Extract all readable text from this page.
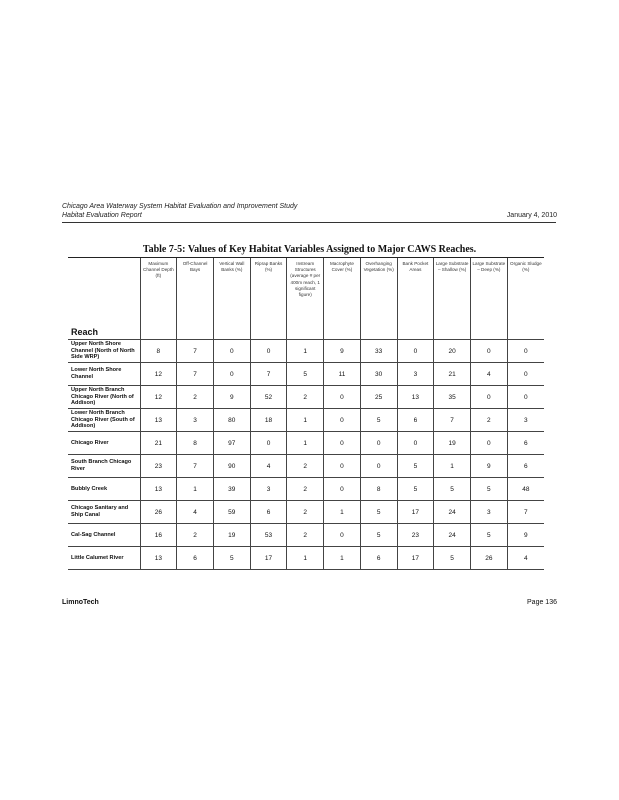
Chicago Area Waterway System Habitat Evaluation and Improvement Study
Habitat Evaluation Report	January 4, 2010
Table 7-5: Values of Key Habitat Variables Assigned to Major CAWS Reaches.
Reach	Maximum Channel Depth (ft)	Off-Channel Bays	Vertical Wall Banks (%)	Riprap Banks (%)	Instream Structures (average # per 400m reach, 1 significant figure)	Macrophyte Cover (%)	Overhanging Vegetation (%)	Bank Pocket Areas	Large Substrate – Shallow (%)	Large Substrate – Deep (%)	Organic Sludge (%)
Upper North Shore Channel (North of North Side WRP)	8	7	0	0	1	9	33	0	20	0	0
Lower North Shore Channel	12	7	0	7	5	11	30	3	21	4	0
Upper North Branch Chicago River (North of Addison)	12	2	9	52	2	0	25	13	35	0	0
Lower North Branch Chicago River (South of Addison)	13	3	80	18	1	0	5	6	7	2	3
Chicago River	21	8	97	0	1	0	0	0	19	0	6
South Branch Chicago River	23	7	90	4	2	0	0	5	1	9	6
Bubbly Creek	13	1	39	3	2	0	8	5	5	5	48
Chicago Sanitary and Ship Canal	26	4	59	6	2	1	5	17	24	3	7
Cal-Sag Channel	16	2	19	53	2	0	5	23	24	5	9
Little Calumet River	13	6	5	17	1	1	6	17	5	26	4
LimnoTech	Page 136
